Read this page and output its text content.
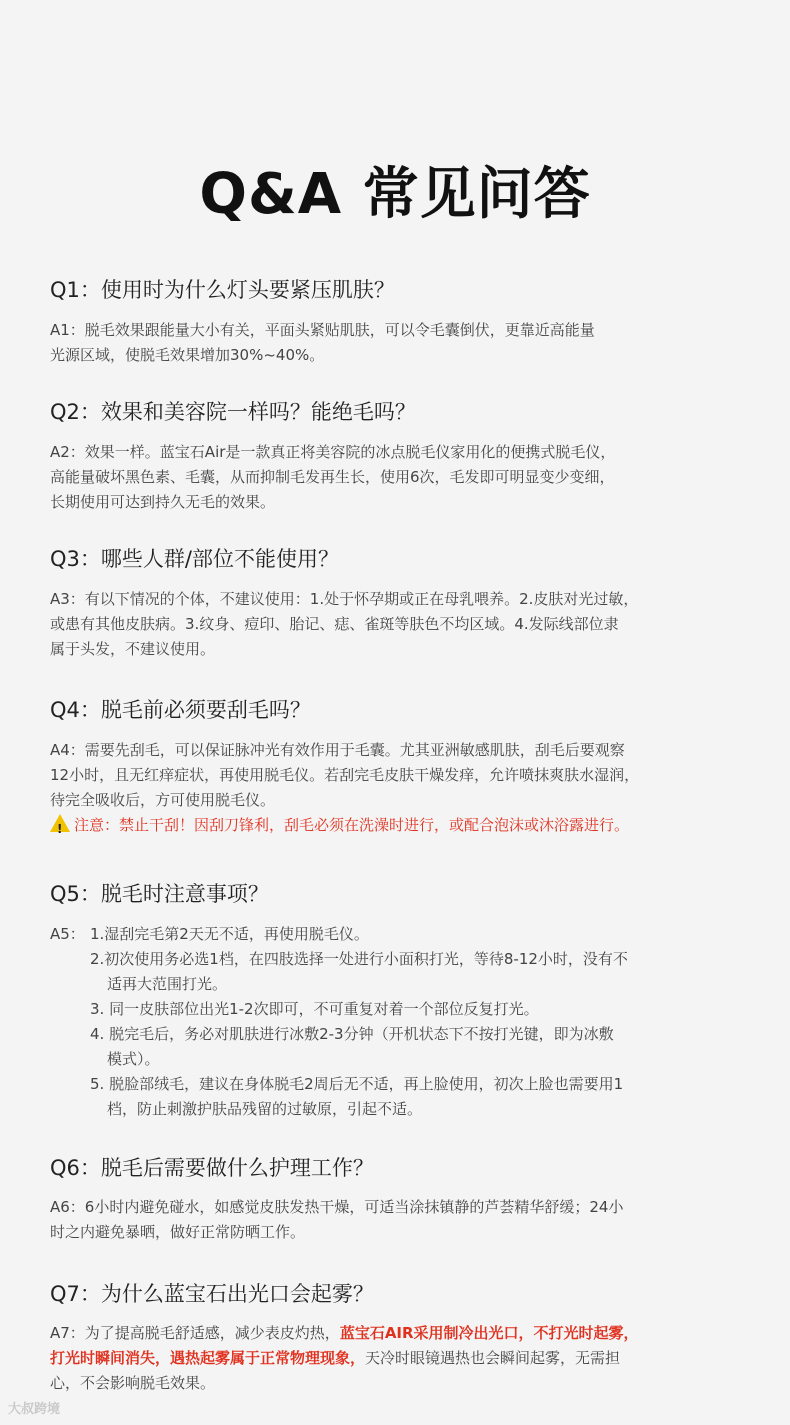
Q&A 常见问答
Q1：使用时为什么灯头要紧压肌肤？
A1：脱毛效果跟能量大小有关，平面头紧贴肌肤，可以令毛囊倒伏，更靠近高能量
光源区域，使脱毛效果增加30%~40%。
Q2：效果和美容院一样吗？能绝毛吗？
A2：效果一样。蓝宝石Air是一款真正将美容院的冰点脱毛仪家用化的便携式脱毛仪，
高能量破坏黑色素、毛囊，从而抑制毛发再生长，使用6次，毛发即可明显变少变细，
长期使用可达到持久无毛的效果。
Q3：哪些人群/部位不能使用？
A3：有以下情况的个体，不建议使用：1.处于怀孕期或正在母乳喂养。2.皮肤对光过敏，
或患有其他皮肤病。3.纹身、痘印、胎记、痣、雀斑等肤色不均区域。4.发际线部位隶
属于头发，不建议使用。
Q4：脱毛前必须要刮毛吗？
A4：需要先刮毛，可以保证脉冲光有效作用于毛囊。尤其亚洲敏感肌肤，刮毛后要观察
12小时，且无红痒症状，再使用脱毛仪。若刮完毛皮肤干燥发痒，允许喷抹爽肤水湿润，
待完全吸收后，方可使用脱毛仪。
! 注意：禁止干刮！因刮刀锋利，刮毛必须在洗澡时进行，或配合泡沫或沐浴露进行。
Q5：脱毛时注意事项？
A5： 1.湿刮完毛第2天无不适，再使用脱毛仪。
2.初次使用务必选1档，在四肢选择一处进行小面积打光，等待8-12小时，没有不
适再大范围打光。
3. 同一皮肤部位出光1-2次即可，不可重复对着一个部位反复打光。
4. 脱完毛后，务必对肌肤进行冰敷2-3分钟（开机状态下不按打光键，即为冰敷
模式）。
5. 脱脸部绒毛，建议在身体脱毛2周后无不适，再上脸使用，初次上脸也需要用1
档，防止刺激护肤品残留的过敏原，引起不适。
Q6：脱毛后需要做什么护理工作？
A6：6小时内避免碰水，如感觉皮肤发热干燥，可适当涂抹镇静的芦荟精华舒缓；24小
时之内避免暴晒，做好正常防晒工作。
Q7：为什么蓝宝石出光口会起雾？
A7：为了提高脱毛舒适感，减少表皮灼热，蓝宝石AIR采用制冷出光口，不打光时起雾，
打光时瞬间消失，遇热起雾属于正常物理现象，天冷时眼镜遇热也会瞬间起雾，无需担
心，不会影响脱毛效果。
大叔跨境
